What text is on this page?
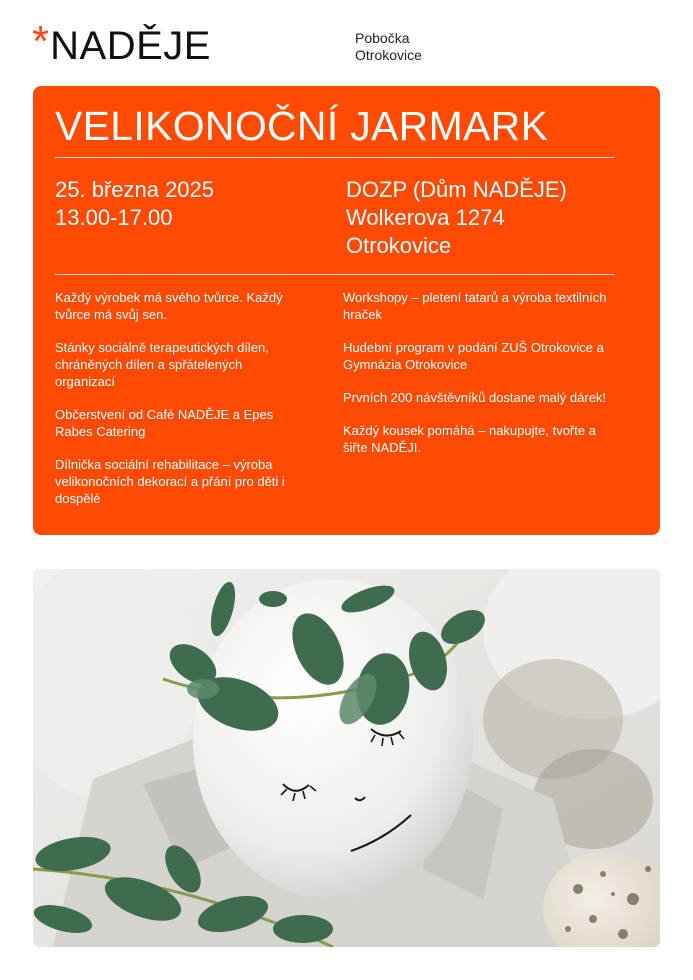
* NADĚJE	Pobočka
Otrokovice
VELIKONOČNÍ JARMARK
25. března 2025
13.00-17.00
DOZP (Dům NADĚJE)
Wolkerova 1274
Otrokovice

Každý výrobek má svého tvůrce. Každý tvůrce má svůj sen.

Stánky sociálně terapeutických dílen, chráněných dílen a spřátelených organizací

Občerstvení od Café NADĚJE a Epes Rabes Catering

Dílnička sociální rehabilitace – výroba velikonočních dekorací a přání pro děti i dospělé

Workshopy – pletení tatarů a výroba textilních hraček

Hudební program v podání ZUŠ Otrokovice a Gymnázia Otrokovice

Prvních 200 návštěvníků dostane malý dárek!

Každý kousek pomáhá – nakupujte, tvořte a šiřte NADĚJI.
